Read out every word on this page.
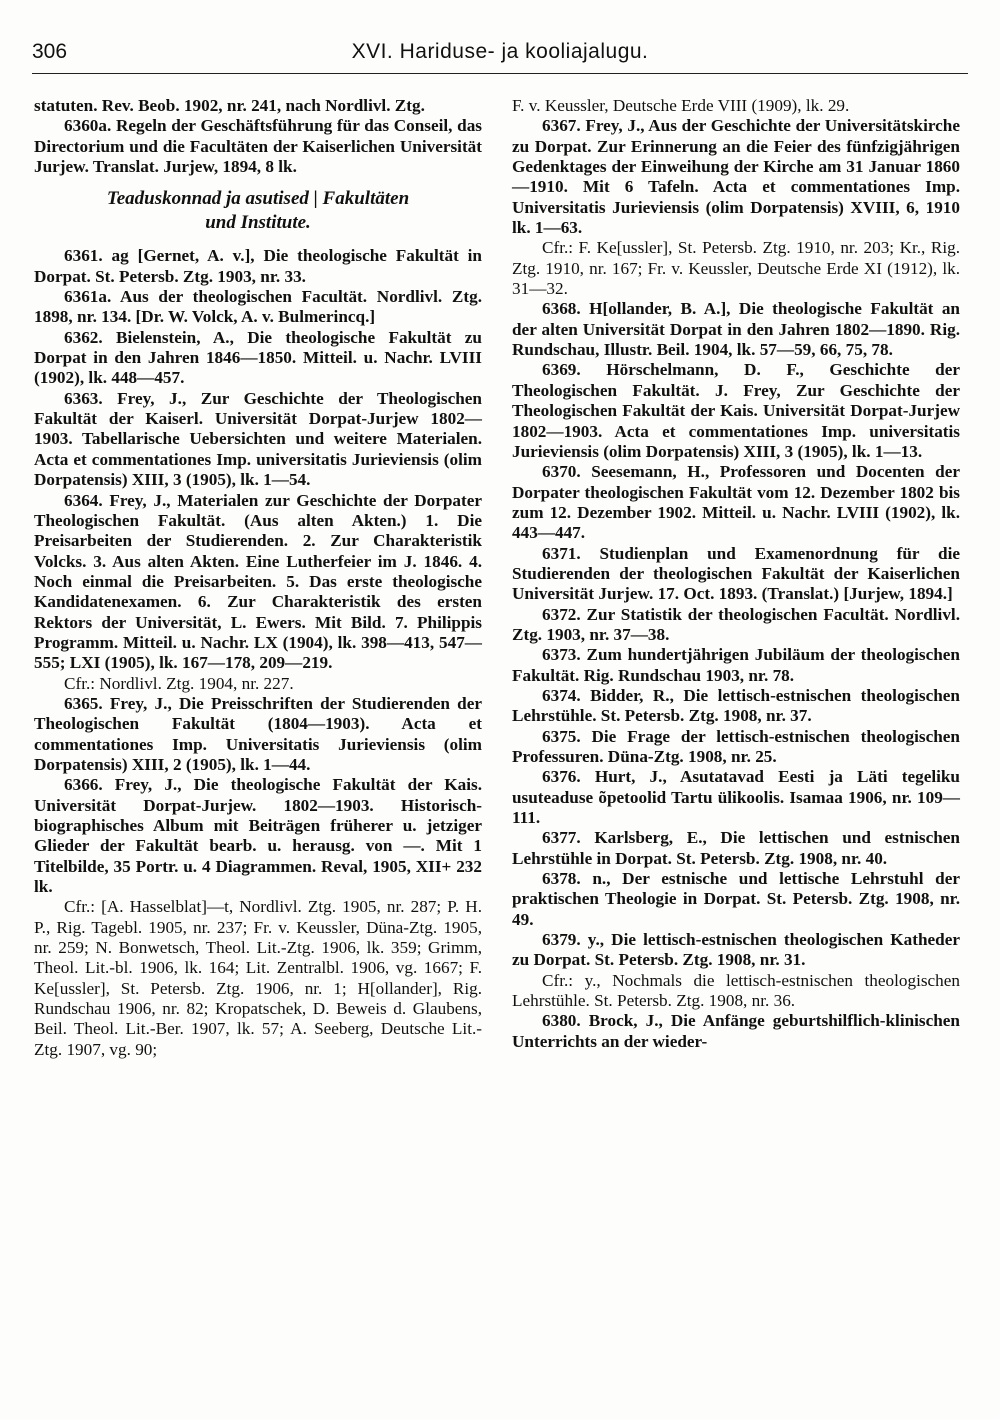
306	XVI. Hariduse- ja kooliajalugu.

statuten. Rev. Beob. 1902, nr. 241, nach Nordlivl. Ztg.

6360a. Regeln der Geschäftsführung für das Conseil, das Directorium und die Facultäten der Kaiserlichen Universität Jurjew. Translat. Jurjew, 1894, 8 lk.

Teaduskonnad ja asutised | Fakultäten
und Institute.

6361. ag [Gernet, A. v.], Die theologische Fakultät in Dorpat. St. Petersb. Ztg. 1903, nr. 33.

6361a. Aus der theologischen Facultät. Nordlivl. Ztg. 1898, nr. 134. [Dr. W. Volck, A. v. Bulmerincq.]

6362. Bielenstein, A., Die theologische Fakultät zu Dorpat in den Jahren 1846—1850. Mitteil. u. Nachr. LVIII (1902), lk. 448—457.

6363. Frey, J., Zur Geschichte der Theologischen Fakultät der Kaiserl. Universität Dorpat-Jurjew 1802—1903. Tabellarische Uebersichten und weitere Materialen. Acta et commentationes Imp. universitatis Jurieviensis (olim Dorpatensis) XIII, 3 (1905), lk. 1—54.

6364. Frey, J., Materialen zur Geschichte der Dorpater Theologischen Fakultät. (Aus alten Akten.) 1. Die Preisarbeiten der Studierenden. 2. Zur Charakteristik Volcks. 3. Aus alten Akten. Eine Lutherfeier im J. 1846. 4. Noch einmal die Preisarbeiten. 5. Das erste theologische Kandidatenexamen. 6. Zur Charakteristik des ersten Rektors der Universität, L. Ewers. Mit Bild. 7. Philippis Programm. Mitteil. u. Nachr. LX (1904), lk. 398—413, 547—555; LXI (1905), lk. 167—178, 209—219.

Cfr.: Nordlivl. Ztg. 1904, nr. 227.

6365. Frey, J., Die Preisschriften der Studierenden der Theologischen Fakultät (1804—1903). Acta et commentationes Imp. Universitatis Jurieviensis (olim Dorpatensis) XIII, 2 (1905), lk. 1—44.

6366. Frey, J., Die theologische Fakultät der Kais. Universität Dorpat-Jurjew. 1802—1903. Historisch-biographisches Album mit Beiträgen früherer u. jetziger Glieder der Fakultät bearb. u. herausg. von —. Mit 1 Titelbilde, 35 Portr. u. 4 Diagrammen. Reval, 1905, XII+ 232 lk.

Cfr.: [A. Hasselblat]—t, Nordlivl. Ztg. 1905, nr. 287; P. H. P., Rig. Tagebl. 1905, nr. 237; Fr. v. Keussler, Düna-Ztg. 1905, nr. 259; N. Bonwetsch, Theol. Lit.-Ztg. 1906, lk. 359; Grimm, Theol. Lit.-bl. 1906, lk. 164; Lit. Zentralbl. 1906, vg. 1667; F. Ke[ussler], St. Petersb. Ztg. 1906, nr. 1; H[ollander], Rig. Rundschau 1906, nr. 82; Kropatschek, D. Beweis d. Glaubens, Beil. Theol. Lit.-Ber. 1907, lk. 57; A. Seeberg, Deutsche Lit.-Ztg. 1907, vg. 90;

F. v. Keussler, Deutsche Erde VIII (1909), lk. 29.

6367. Frey, J., Aus der Geschichte der Universitätskirche zu Dorpat. Zur Erinnerung an die Feier des fünfzigjährigen Gedenktages der Einweihung der Kirche am 31 Januar 1860—1910. Mit 6 Tafeln. Acta et commentationes Imp. Universitatis Jurieviensis (olim Dorpatensis) XVIII, 6, 1910 lk. 1—63.

Cfr.: F. Ke[ussler], St. Petersb. Ztg. 1910, nr. 203; Kr., Rig. Ztg. 1910, nr. 167; Fr. v. Keussler, Deutsche Erde XI (1912), lk. 31—32.

6368. H[ollander, B. A.], Die theologische Fakultät an der alten Universität Dorpat in den Jahren 1802—1890. Rig. Rundschau, Illustr. Beil. 1904, lk. 57—59, 66, 75, 78.

6369. Hörschelmann, D. F., Geschichte der Theologischen Fakultät. J. Frey, Zur Geschichte der Theologischen Fakultät der Kais. Universität Dorpat-Jurjew 1802—1903. Acta et commentationes Imp. universitatis Jurieviensis (olim Dorpatensis) XIII, 3 (1905), lk. 1—13.

6370. Seesemann, H., Professoren und Docenten der Dorpater theologischen Fakultät vom 12. Dezember 1802 bis zum 12. Dezember 1902. Mitteil. u. Nachr. LVIII (1902), lk. 443—447.

6371. Studienplan und Examenordnung für die Studierenden der theologischen Fakultät der Kaiserlichen Universität Jurjew. 17. Oct. 1893. (Translat.) [Jurjew, 1894.]

6372. Zur Statistik der theologischen Facultät. Nordlivl. Ztg. 1903, nr. 37—38.

6373. Zum hundertjährigen Jubiläum der theologischen Fakultät. Rig. Rundschau 1903, nr. 78.

6374. Bidder, R., Die lettisch-estnischen theologischen Lehrstühle. St. Petersb. Ztg. 1908, nr. 37.

6375. Die Frage der lettisch-estnischen theologischen Professuren. Düna-Ztg. 1908, nr. 25.

6376. Hurt, J., Asutatavad Eesti ja Läti tegeliku usuteaduse õpetoolid Tartu ülikoolis. Isamaa 1906, nr. 109—111.

6377. Karlsberg, E., Die lettischen und estnischen Lehrstühle in Dorpat. St. Petersb. Ztg. 1908, nr. 40.

6378. n., Der estnische und lettische Lehrstuhl der praktischen Theologie in Dorpat. St. Petersb. Ztg. 1908, nr. 49.

6379. y., Die lettisch-estnischen theologischen Katheder zu Dorpat. St. Petersb. Ztg. 1908, nr. 31.

Cfr.: y., Nochmals die lettisch-estnischen theologischen Lehrstühle. St. Petersb. Ztg. 1908, nr. 36.

6380. Brock, J., Die Anfänge geburtshilflich-klinischen Unterrichts an der wieder-
